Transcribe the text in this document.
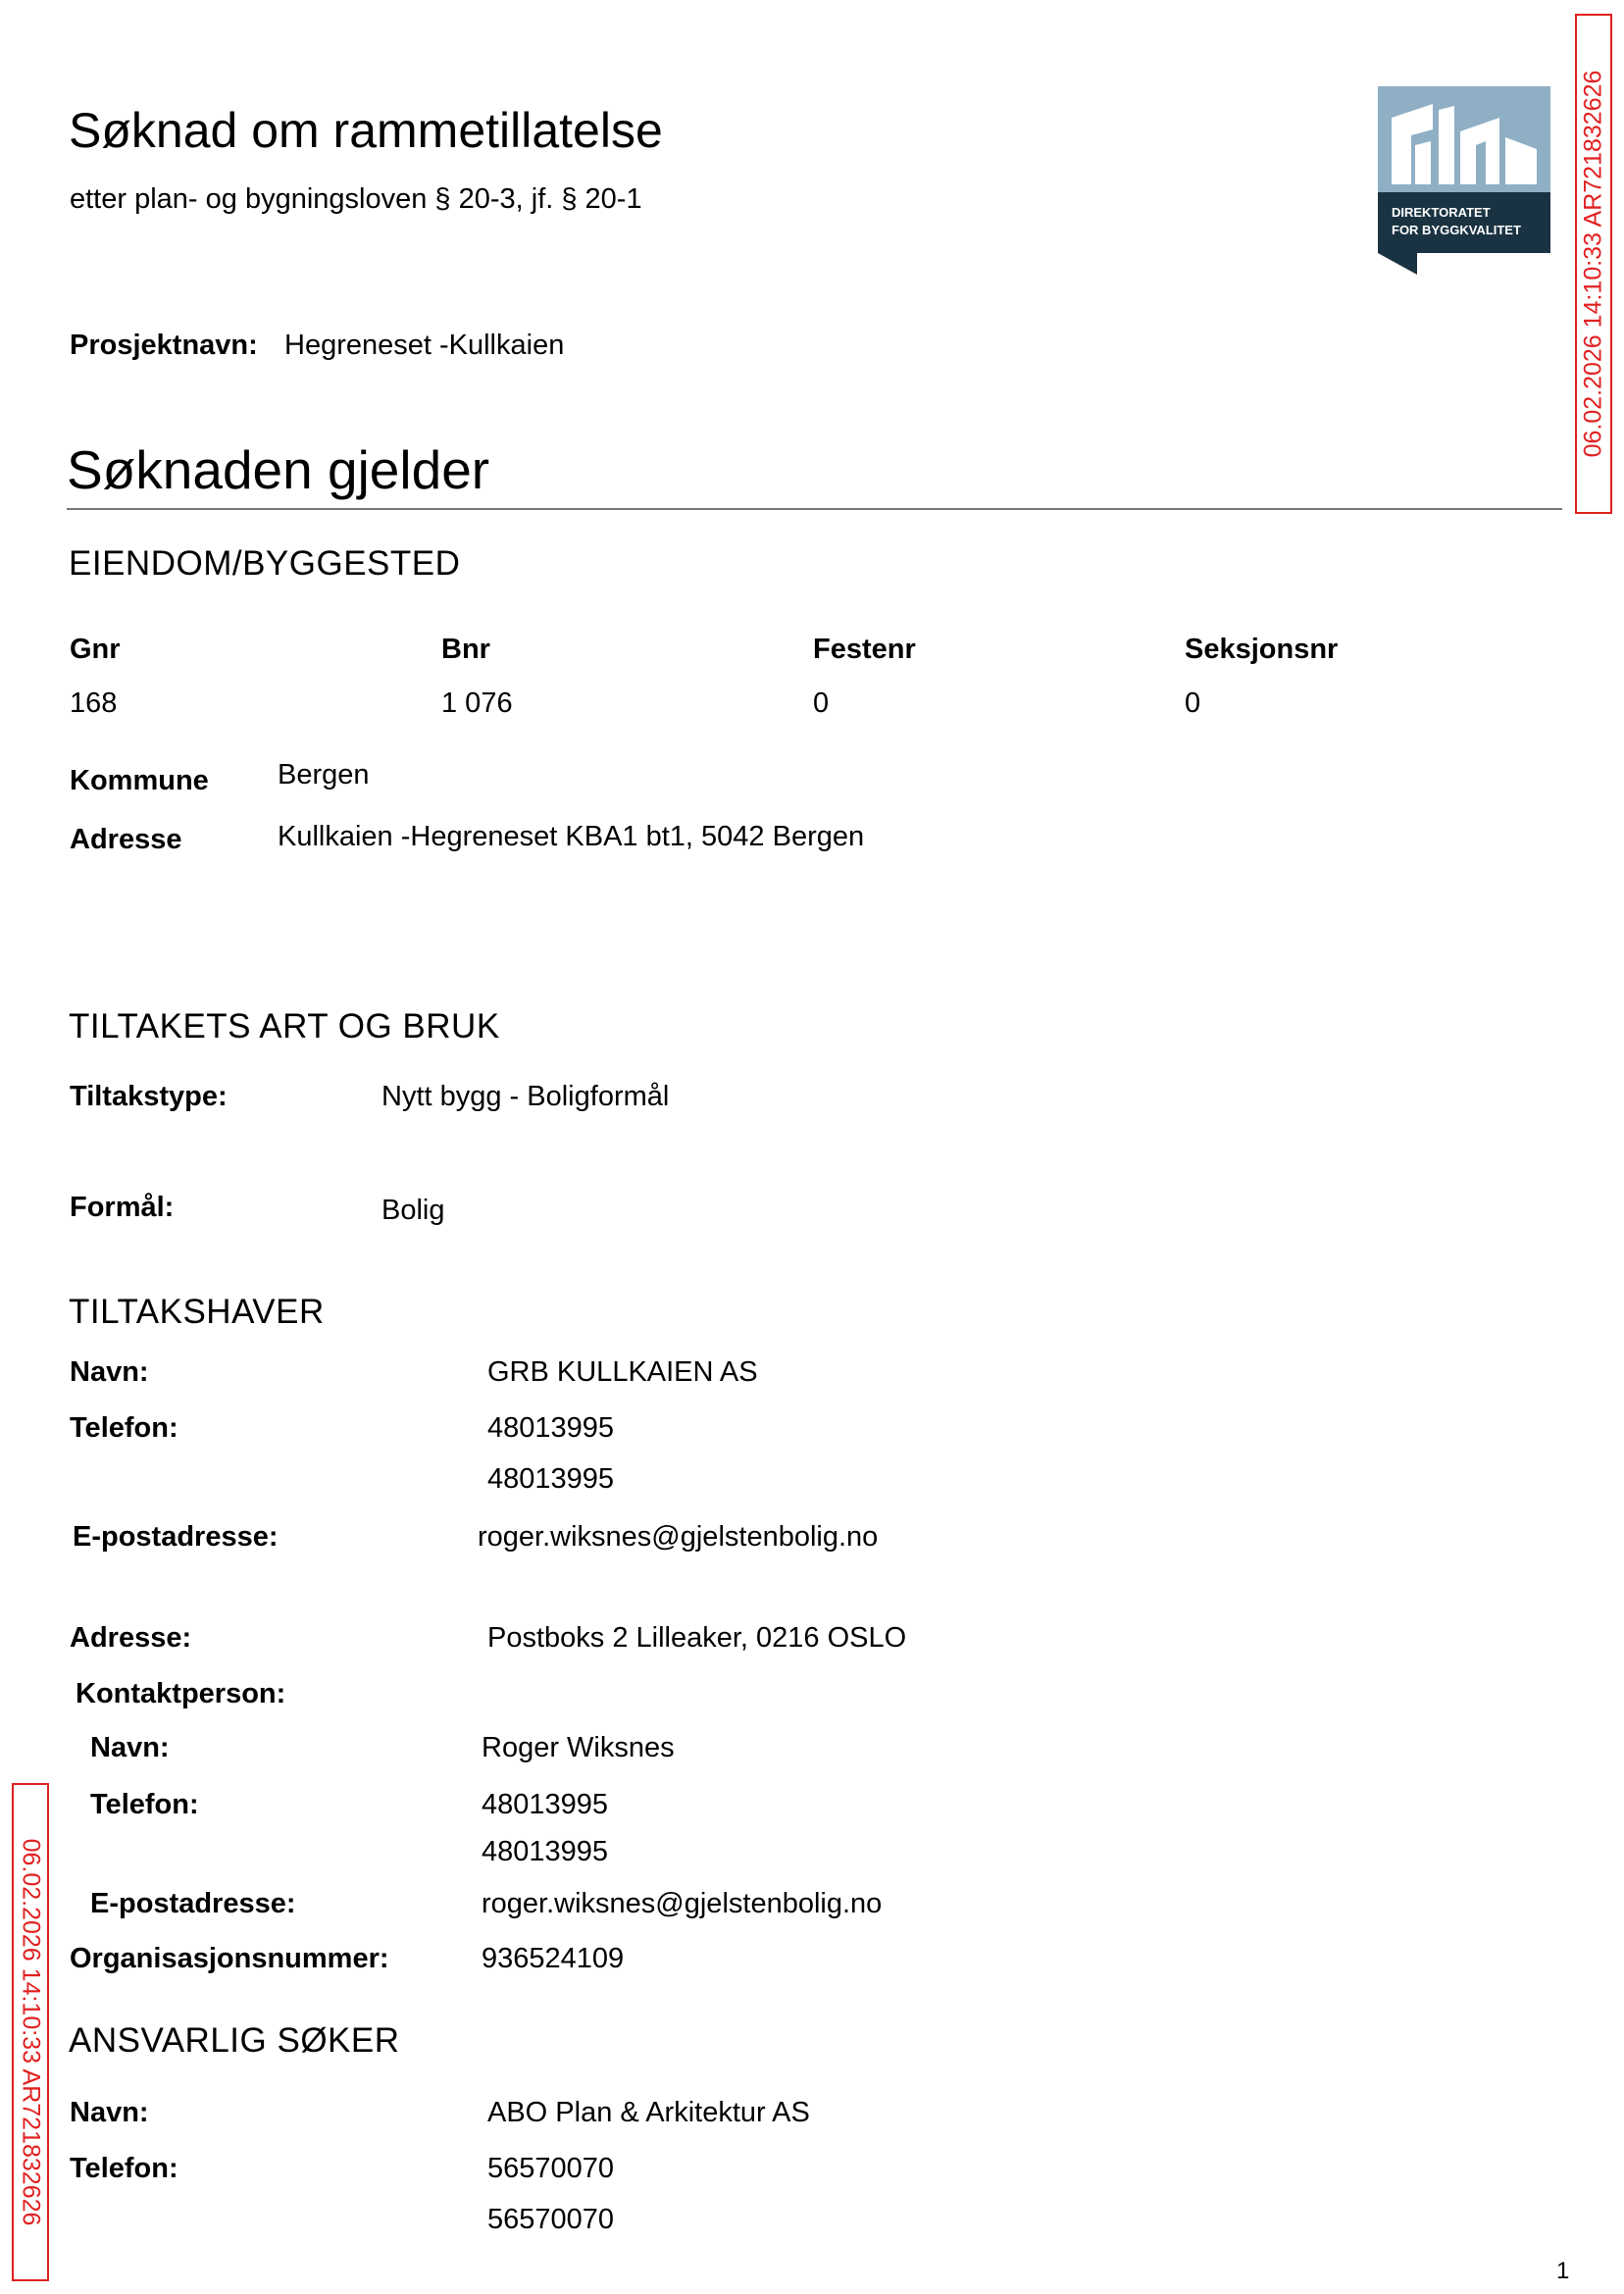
Søknad om rammetillatelse
etter plan- og bygningsloven § 20-3, jf. § 20-1	DIREKTORATET
FOR BYGGKVALITET 06.02.2026 14:10:33 AR721832626
06.02.2026 14:10:33 AR721832626
Prosjektnavn: Hegreneset -Kullkaien
Søknaden gjelder
EIENDOM/BYGGESTED
Gnr	Bnr	Festenr	Seksjonsnr
168	1 076	0	0
Kommune Bergen
Adresse	Kullkaien -Hegreneset KBA1 bt1, 5042 Bergen
TILTAKETS ART OG BRUK
Tiltakstype:	Nytt bygg - Boligformål
Formål:	Bolig
TILTAKSHAVER
Navn:	GRB KULLKAIEN AS
Telefon:	48013995
48013995
E-postadresse:	roger.wiksnes@gjelstenbolig.no
Adresse:	Postboks 2 Lilleaker, 0216 OSLO
Kontaktperson:
Navn:	Roger Wiksnes
Telefon:	48013995
48013995
E-postadresse:	roger.wiksnes@gjelstenbolig.no
Organisasjonsnummer:	936524109
ANSVARLIG SØKER
Navn:	ABO Plan & Arkitektur AS
Telefon:	56570070
56570070
1
